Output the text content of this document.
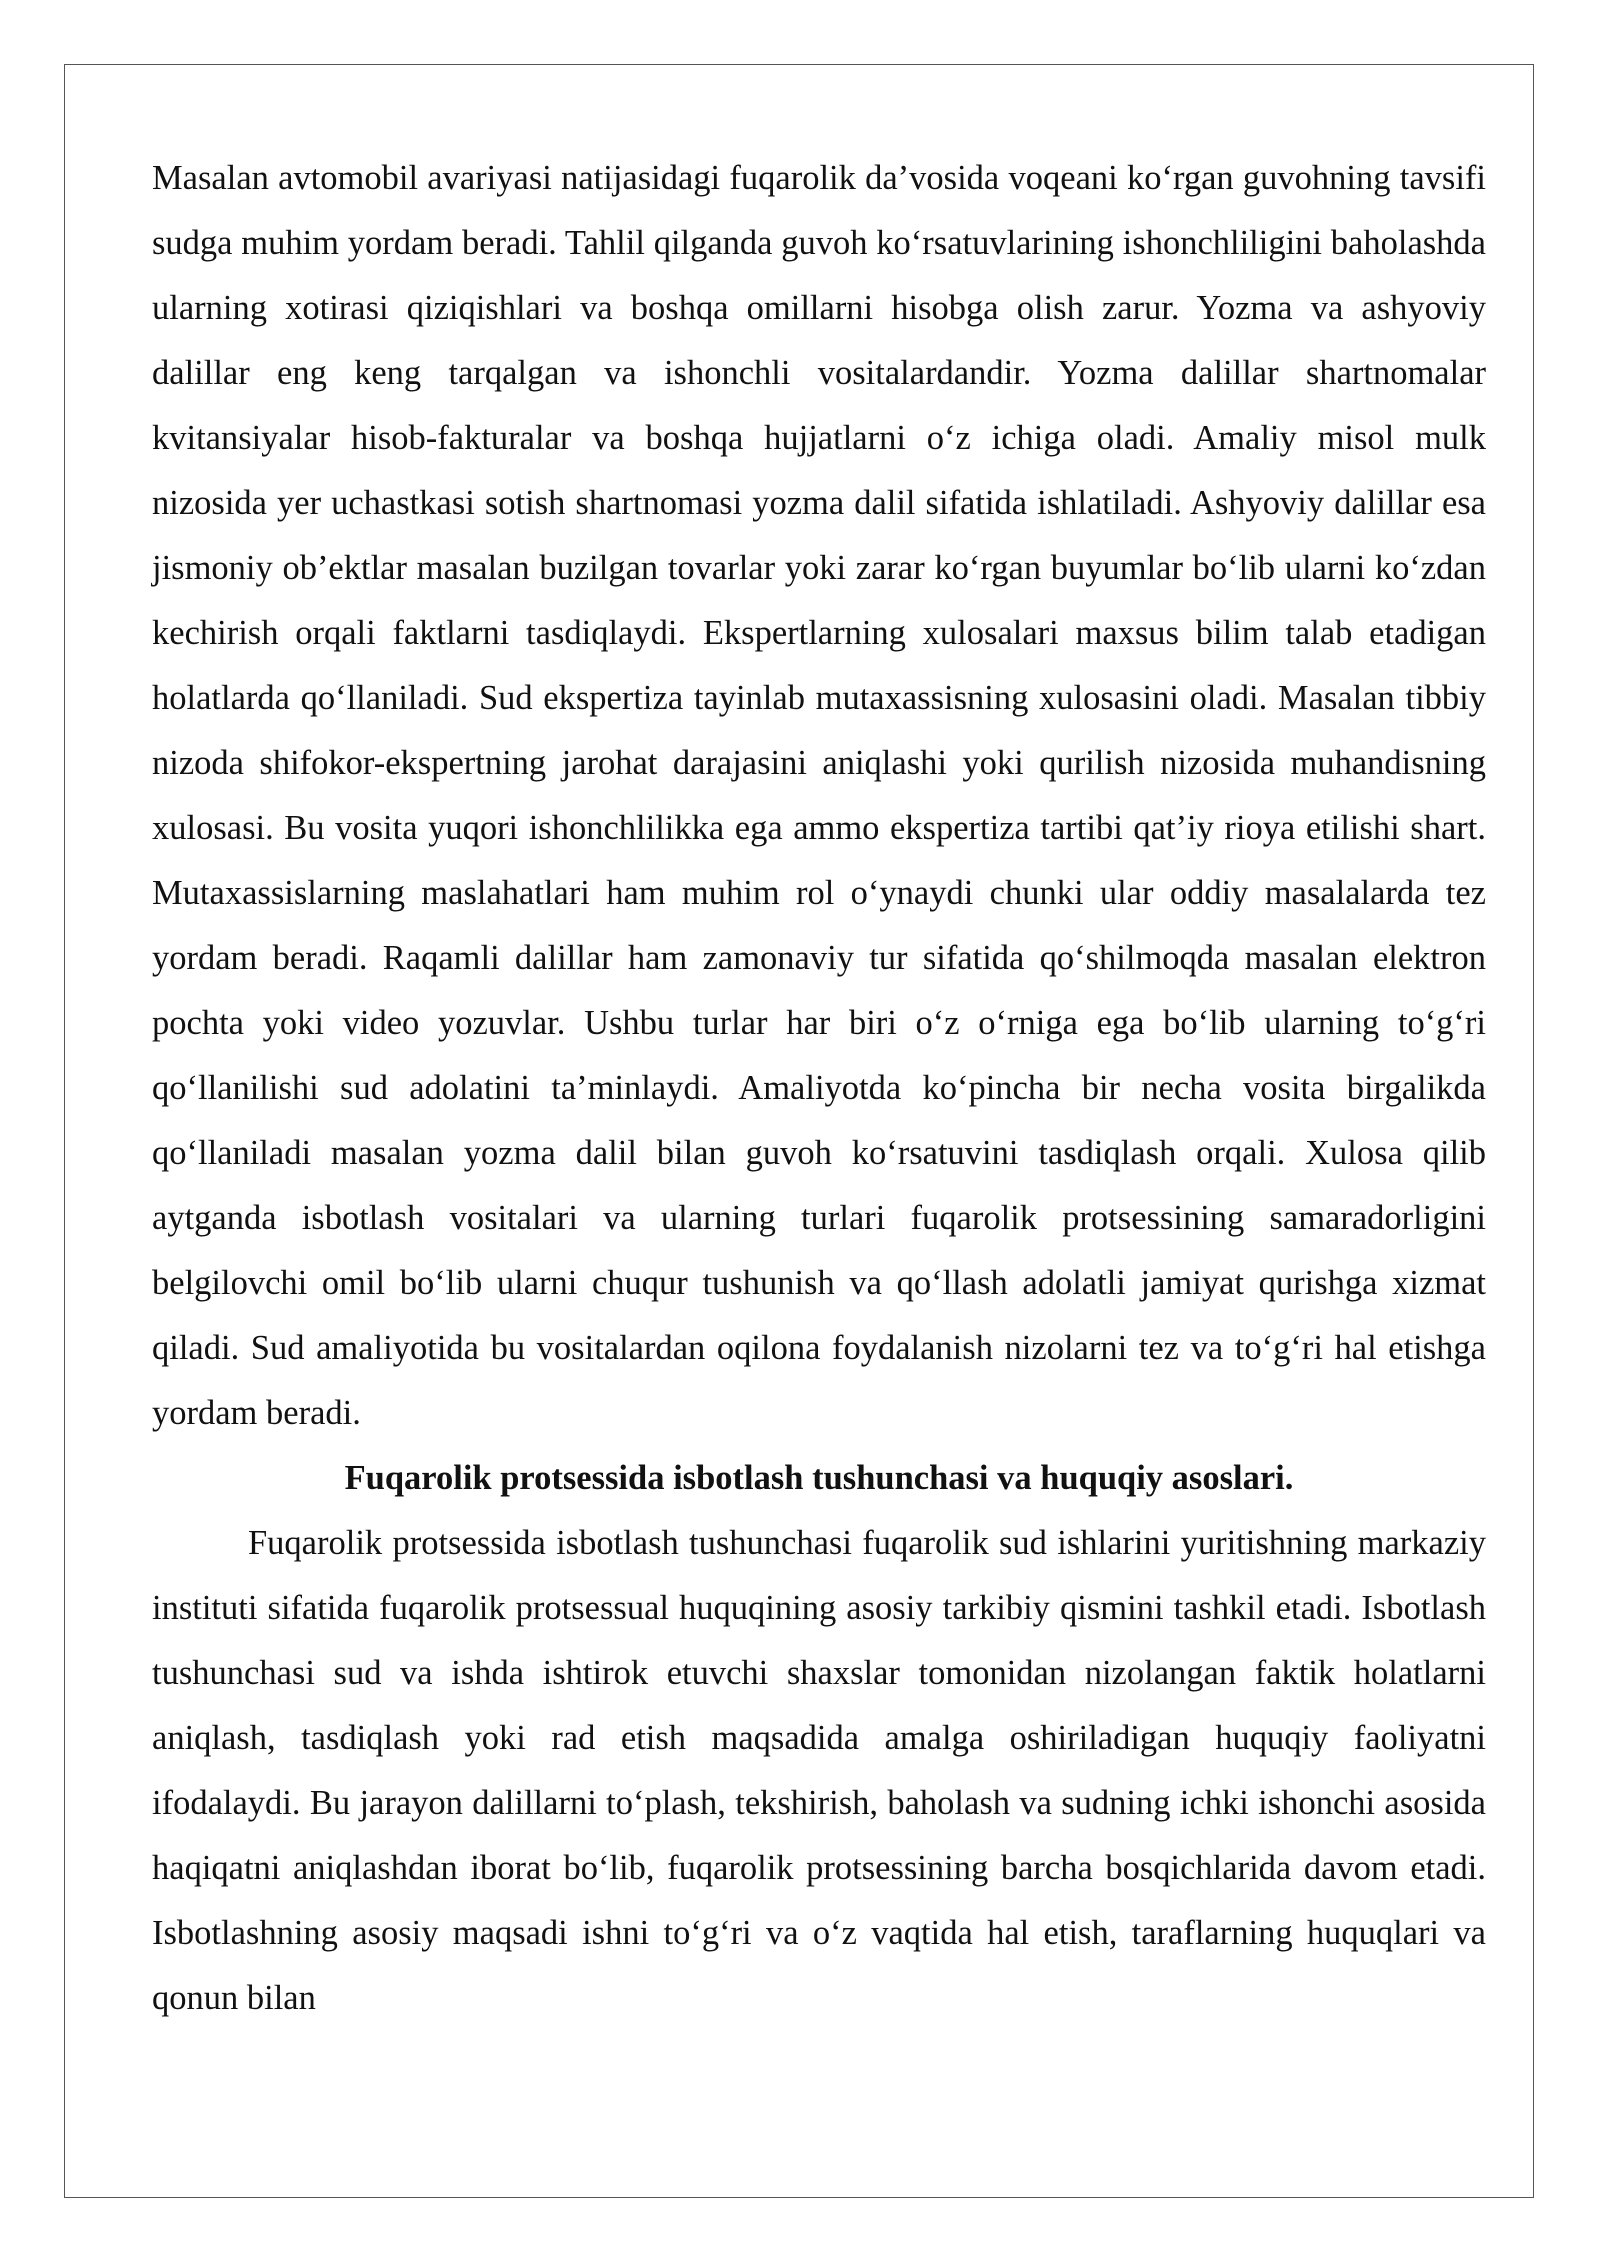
Masalan avtomobil avariyasi natijasidagi fuqarolik da’vosida voqeani koʻrgan guvohning tavsifi sudga muhim yordam beradi. Tahlil qilganda guvoh koʻrsatuvlarining ishonchliligini baholashda ularning xotirasi qiziqishlari va boshqa omillarni hisobga olish zarur. Yozma va ashyoviy dalillar eng keng tarqalgan va ishonchli vositalardandir. Yozma dalillar shartnomalar kvitansiyalar hisob-fakturalar va boshqa hujjatlarni oʻz ichiga oladi. Amaliy misol mulk nizosida yer uchastkasi sotish shartnomasi yozma dalil sifatida ishlatiladi. Ashyoviy dalillar esa jismoniy ob’ektlar masalan buzilgan tovarlar yoki zarar koʻrgan buyumlar boʻlib ularni koʻzdan kechirish orqali faktlarni tasdiqlaydi. Ekspertlarning xulosalari maxsus bilim talab etadigan holatlarda qoʻllaniladi. Sud ekspertiza tayinlab mutaxassisning xulosasini oladi. Masalan tibbiy nizoda shifokor-ekspertning jarohat darajasini aniqlashi yoki qurilish nizosida muhandisning xulosasi. Bu vosita yuqori ishonchlilikka ega ammo ekspertiza tartibi qat’iy rioya etilishi shart. Mutaxassislarning maslahatlari ham muhim rol oʻynaydi chunki ular oddiy masalalarda tez yordam beradi. Raqamli dalillar ham zamonaviy tur sifatida qoʻshilmoqda masalan elektron pochta yoki video yozuvlar. Ushbu turlar har biri oʻz oʻrniga ega boʻlib ularning toʻgʻri qoʻllanilishi sud adolatini ta’minlaydi. Amaliyotda koʻpincha bir necha vosita birgalikda qoʻllaniladi masalan yozma dalil bilan guvoh koʻrsatuvini tasdiqlash orqali. Xulosa qilib aytganda isbotlash vositalari va ularning turlari fuqarolik protsessining samaradorligini belgilovchi omil boʻlib ularni chuqur tushunish va qoʻllash adolatli jamiyat qurishga xizmat qiladi. Sud amaliyotida bu vositalardan oqilona foydalanish nizolarni tez va toʻgʻri hal etishga yordam beradi.

Fuqarolik protsessida isbotlash tushunchasi va huquqiy asoslari.

Fuqarolik protsessida isbotlash tushunchasi fuqarolik sud ishlarini yuritishning markaziy instituti sifatida fuqarolik protsessual huquqining asosiy tarkibiy qismini tashkil etadi. Isbotlash tushunchasi sud va ishda ishtirok etuvchi shaxslar tomonidan nizolangan faktik holatlarni aniqlash, tasdiqlash yoki rad etish maqsadida amalga oshiriladigan huquqiy faoliyatni ifodalaydi. Bu jarayon dalillarni toʻplash, tekshirish, baholash va sudning ichki ishonchi asosida haqiqatni aniqlashdan iborat boʻlib, fuqarolik protsessining barcha bosqichlarida davom etadi. Isbotlashning asosiy maqsadi ishni toʻgʻri va oʻz vaqtida hal etish, taraflarning huquqlari va qonun bilan
